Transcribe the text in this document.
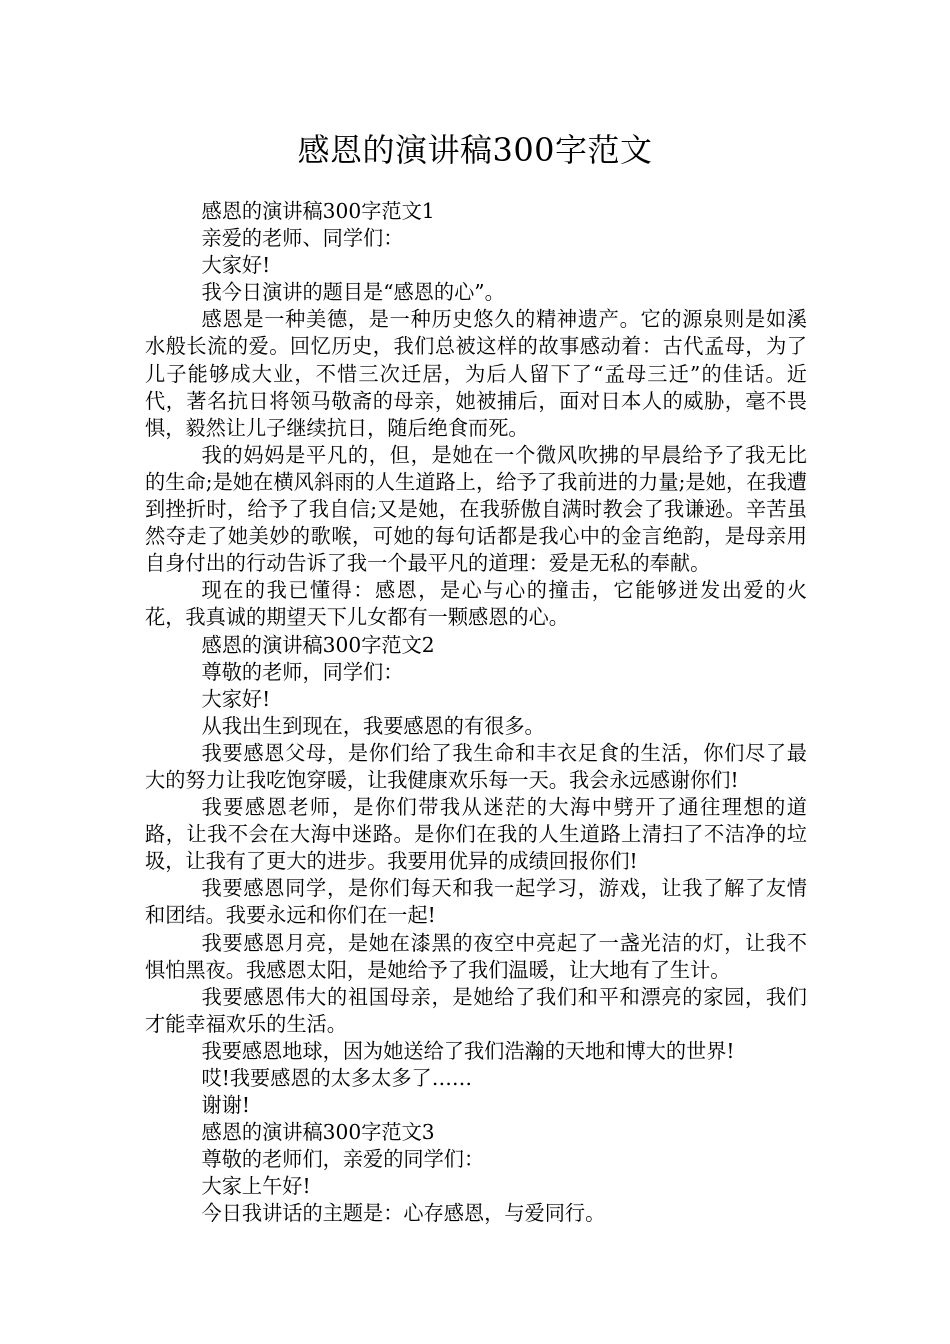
感恩的演讲稿300字范文

感恩的演讲稿300字范文1

亲爱的老师、同学们：

大家好!

我今日演讲的题目是“感恩的心”。

感恩是一种美德，是一种历史悠久的精神遗产。它的源泉则是如溪水般长流的爱。回忆历史，我们总被这样的故事感动着：古代孟母，为了儿子能够成大业，不惜三次迁居，为后人留下了“孟母三迁”的佳话。近代，著名抗日将领马敬斋的母亲，她被捕后，面对日本人的威胁，毫不畏惧，毅然让儿子继续抗日，随后绝食而死。

我的妈妈是平凡的，但，是她在一个微风吹拂的早晨给予了我无比的生命;是她在横风斜雨的人生道路上，给予了我前进的力量;是她，在我遭到挫折时，给予了我自信;又是她，在我骄傲自满时教会了我谦逊。辛苦虽然夺走了她美妙的歌喉，可她的每句话都是我心中的金言绝韵，是母亲用自身付出的行动告诉了我一个最平凡的道理：爱是无私的奉献。

现在的我已懂得：感恩，是心与心的撞击，它能够迸发出爱的火花，我真诚的期望天下儿女都有一颗感恩的心。

感恩的演讲稿300字范文2

尊敬的老师，同学们：

大家好!

从我出生到现在，我要感恩的有很多。

我要感恩父母，是你们给了我生命和丰衣足食的生活，你们尽了最大的努力让我吃饱穿暖，让我健康欢乐每一天。我会永远感谢你们!

我要感恩老师，是你们带我从迷茫的大海中劈开了通往理想的道路，让我不会在大海中迷路。是你们在我的人生道路上清扫了不洁净的垃圾，让我有了更大的进步。我要用优异的成绩回报你们!

我要感恩同学，是你们每天和我一起学习，游戏，让我了解了友情和团结。我要永远和你们在一起!

我要感恩月亮，是她在漆黑的夜空中亮起了一盏光洁的灯，让我不惧怕黑夜。我感恩太阳，是她给予了我们温暖，让大地有了生计。

我要感恩伟大的祖国母亲，是她给了我们和平和漂亮的家园，我们才能幸福欢乐的生活。

我要感恩地球，因为她送给了我们浩瀚的天地和博大的世界!

哎!我要感恩的太多太多了……

谢谢!

感恩的演讲稿300字范文3

尊敬的老师们，亲爱的同学们：

大家上午好!

今日我讲话的主题是：心存感恩，与爱同行。
